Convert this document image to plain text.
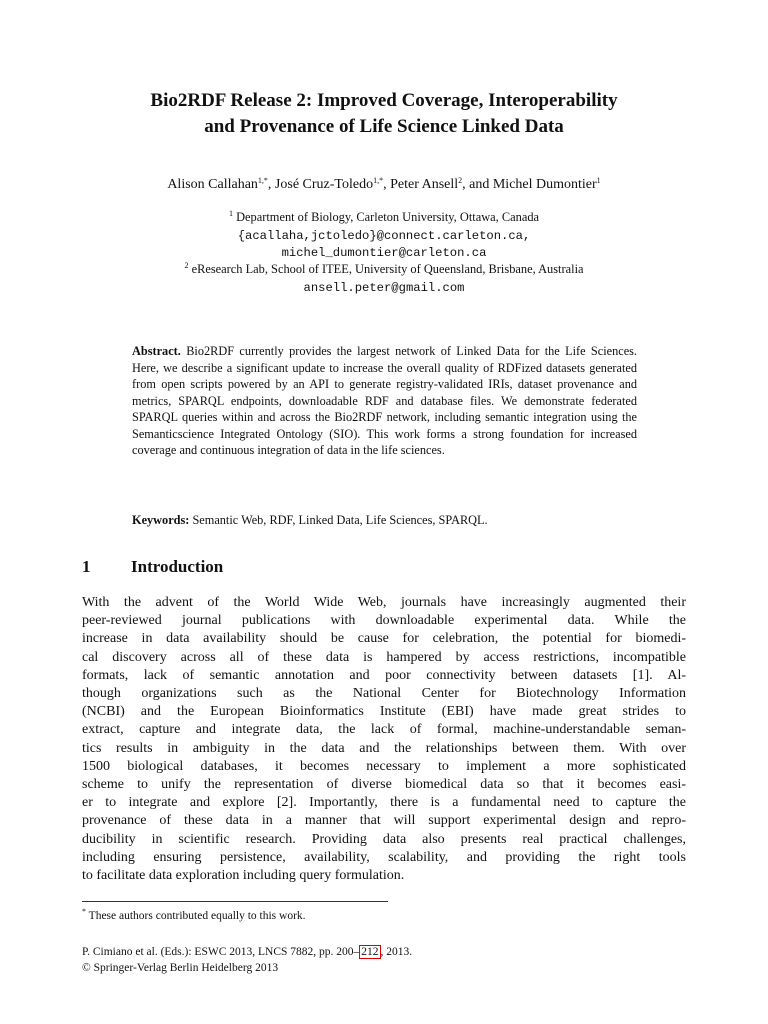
Bio2RDF Release 2: Improved Coverage, Interoperability
and Provenance of Life Science Linked Data
Alison Callahan$^{1,*}$, José Cruz-Toledo$^{1,*}$, Peter Ansell$^2$, and Michel Dumontier$^1$
$^1$ Department of Biology, Carleton University, Ottawa, Canada
{acallaha,jctoledo}@connect.carleton.ca,
michel_dumontier@carleton.ca
$^2$ eResearch Lab, School of ITEE, University of Queensland, Brisbane, Australia
ansell.peter@gmail.com
Abstract. Bio2RDF currently provides the largest network of Linked Data for the Life Sciences. Here, we describe a significant update to increase the overall quality of RDFized datasets generated from open scripts powered by an API to generate registry-validated IRIs, dataset provenance and metrics, SPARQL endpoints, downloadable RDF and database files. We demonstrate federated SPARQL queries within and across the Bio2RDF network, including semantic integration using the Semanticscience Integrated Ontology (SIO). This work forms a strong foundation for increased coverage and continuous integration of data in the life sciences.
Keywords: Semantic Web, RDF, Linked Data, Life Sciences, SPARQL.
1 Introduction
With the advent of the World Wide Web, journals have increasingly augmented their
peer-reviewed journal publications with downloadable experimental data. While the
increase in data availability should be cause for celebration, the potential for biomedi-
cal discovery across all of these data is hampered by access restrictions, incompatible
formats, lack of semantic annotation and poor connectivity between datasets [1]. Al-
though organizations such as the National Center for Biotechnology Information
(NCBI) and the European Bioinformatics Institute (EBI) have made great strides to
extract, capture and integrate data, the lack of formal, machine-understandable seman-
tics results in ambiguity in the data and the relationships between them. With over
1500 biological databases, it becomes necessary to implement a more sophisticated
scheme to unify the representation of diverse biomedical data so that it becomes easi-
er to integrate and explore [2]. Importantly, there is a fundamental need to capture the
provenance of these data in a manner that will support experimental design and repro-
ducibility in scientific research. Providing data also presents real practical challenges,
including ensuring persistence, availability, scalability, and providing the right tools
to facilitate data exploration including query formulation.
* These authors contributed equally to this work.
P. Cimiano et al. (Eds.): ESWC 2013, LNCS 7882, pp. 200– 212 , 2013.
© Springer-Verlag Berlin Heidelberg 2013
